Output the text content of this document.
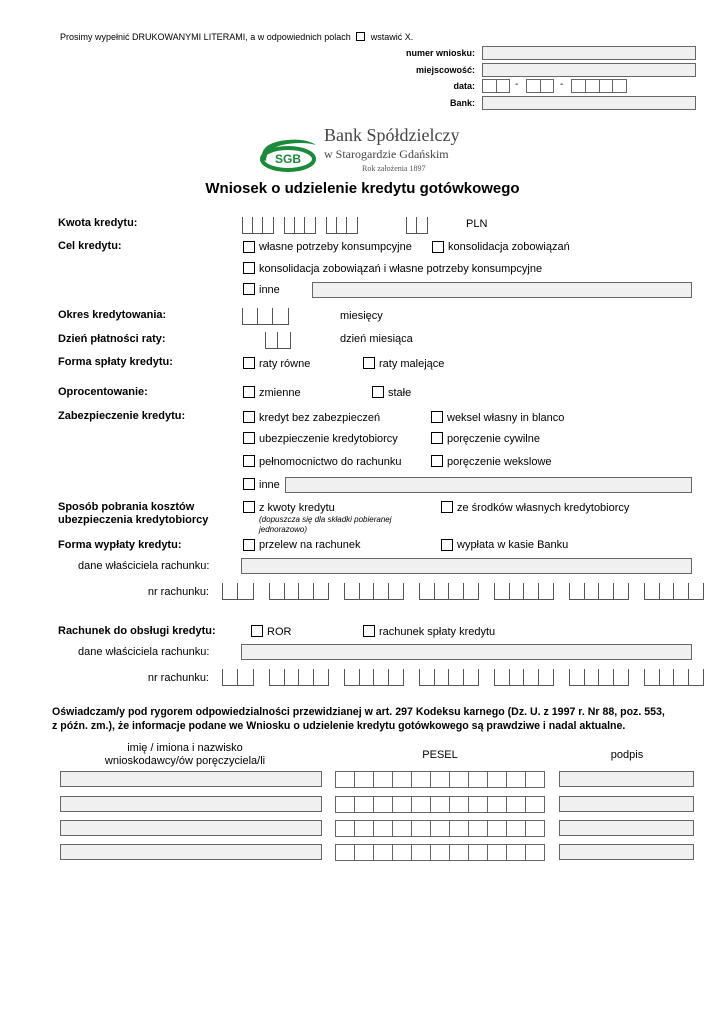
Prosimy wypełnić DRUKOWANYMI LITERAMI, a w odpowiednich polach wstawić X.
numer wniosku:
miejscowość:
data:	-	-
Bank:
SGB
Bank Spółdzielczy
w Starogardzie Gdańskim
Rok założenia 1897
Wniosek o udzielenie kredytu gotówkowego
Kwota kredytu:	PLN
Cel kredytu:	własne potrzeby konsumpcyjne	konsolidacja zobowiązań
konsolidacja zobowiązań i własne potrzeby konsumpcyjne
inne
Okres kredytowania:	miesięcy
Dzień płatności raty:	dzień miesiąca
Forma spłaty kredytu:	raty równe	raty malejące
Oprocentowanie:	zmienne	stałe
Zabezpieczenie kredytu:	kredyt bez zabezpieczeń	weksel własny in blanco
ubezpieczenie kredytobiorcy	poręczenie cywilne
pełnomocnictwo do rachunku	poręczenie wekslowe
inne
Sposób pobrania kosztów
ubezpieczenia kredytobiorcy
z kwoty kredytu
(dopuszcza się dla składki pobieranej
jednorazowo)
ze środków własnych kredytobiorcy
Forma wypłaty kredytu:	przelew na rachunek	wypłata w kasie Banku
dane właściciela rachunku:
nr rachunku:
Rachunek do obsługi kredytu:	ROR	rachunek spłaty kredytu
dane właściciela rachunku:
nr rachunku:
Oświadczam/y pod rygorem odpowiedzialności przewidzianej w art. 297 Kodeksu karnego (Dz. U. z 1997 r. Nr 88, poz. 553,
z późn. zm.), że informacje podane we Wniosku o udzielenie kredytu gotówkowego są prawdziwe i nadal aktualne.
imię / imiona i nazwisko
wnioskodawcy/ów poręczyciela/li	PESEL	podpis
